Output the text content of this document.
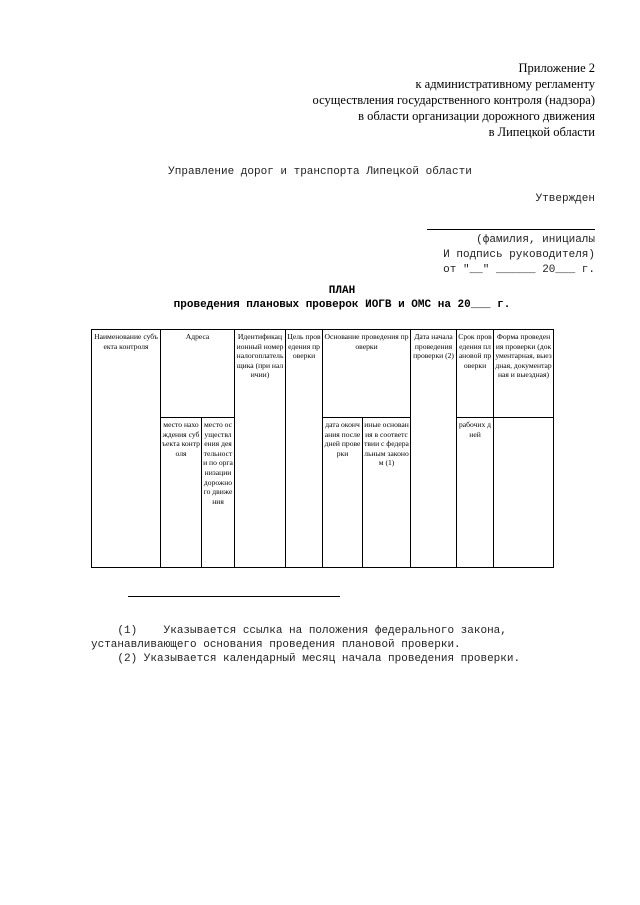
Приложение 2
к административному регламенту
осуществления государственного контроля (надзора)
в области организации дорожного движения
в Липецкой области
Управление дорог и транспорта Липецкой области
Утвержден
(фамилия, инициалы
И подпись руководителя)
от "__" ______ 20___ г.
ПЛАН
проведения плановых проверок ИОГВ и ОМС на 20___ г.
Наименование субъекта контроля	Адреса		Идентификационный номер налогоплательщика (при наличии)	Цель проведения проверки	Основание проведения проверки		Дата начала проведения проверки (2)	Срок проведения плановой проверки	Форма проведения проверки (документарная, выездная, документарная и выездная)
	место нахождения субъекта контроля	место осуществления деятельности по организации дорожного движения			дата окончания последней проверки	иные основания в соответствии с федеральным законом (1)		рабочих дней	
(1)    Указывается ссылка на положения федерального закона,
устанавливающего основания проведения плановой проверки.
(2) Указывается календарный месяц начала проведения проверки.
